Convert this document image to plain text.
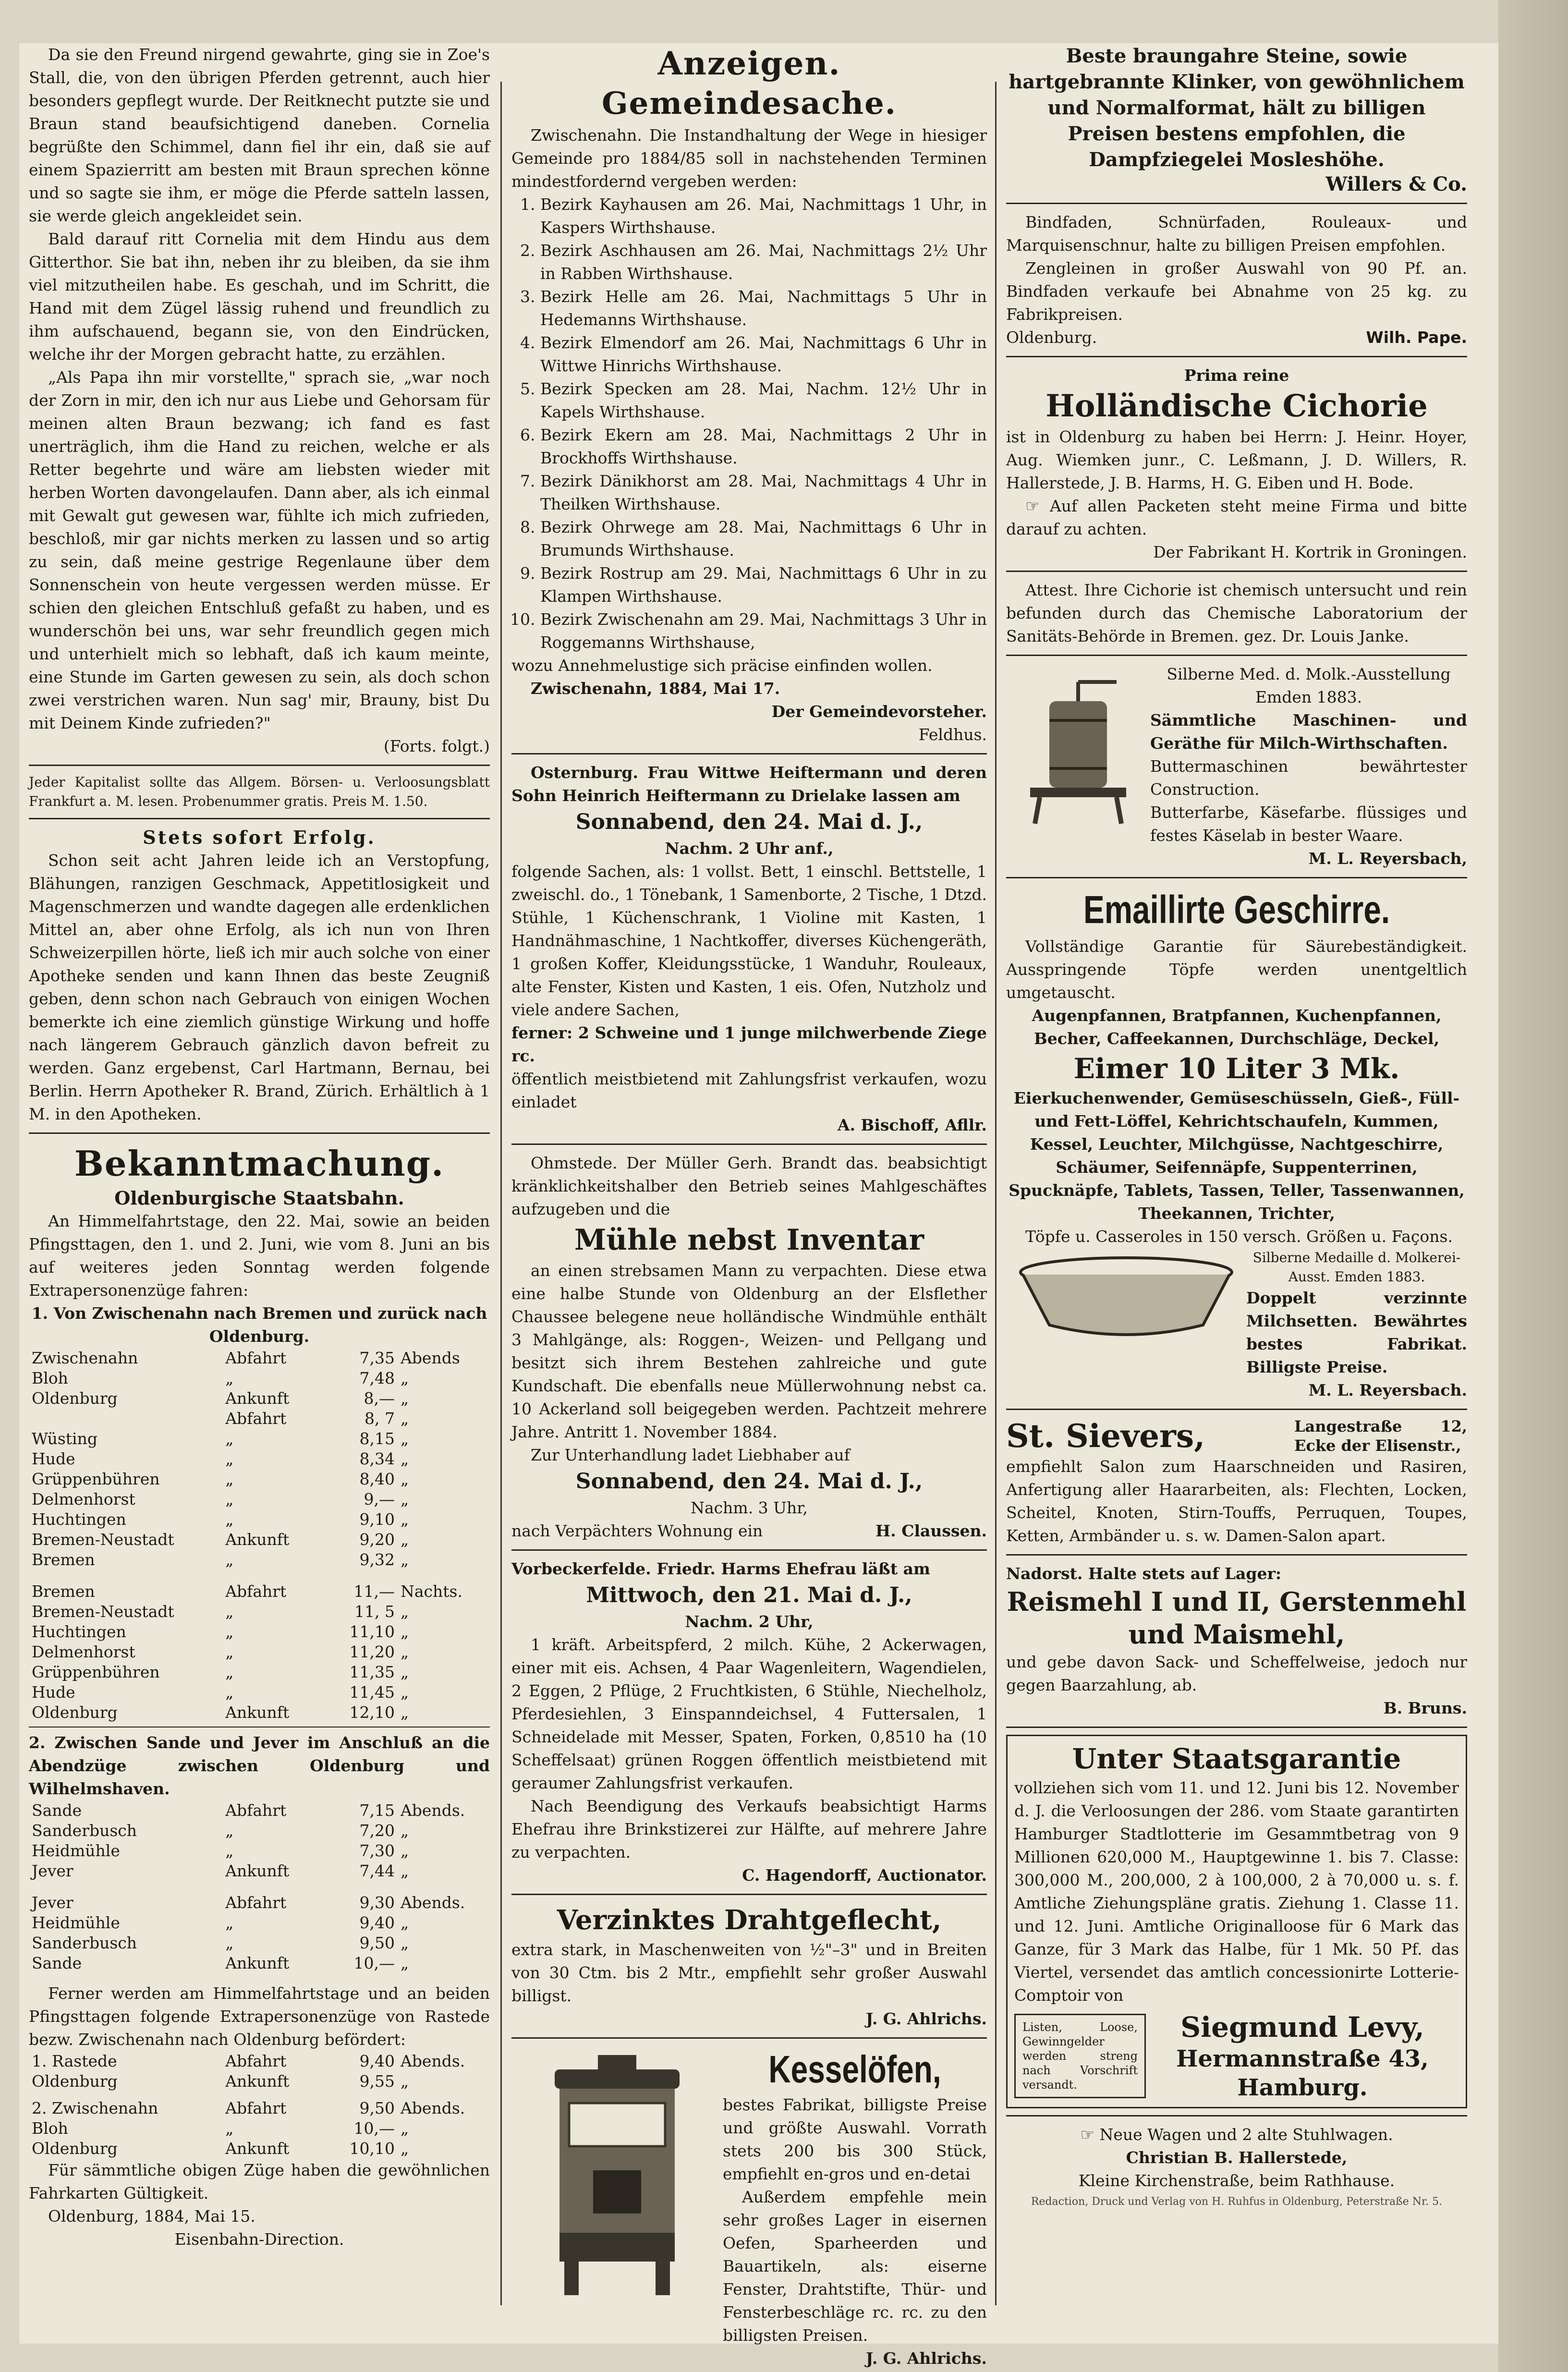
Da sie den Freund nirgend gewahrte, ging sie in Zoe's Stall, die, von den übrigen Pferden getrennt, auch hier besonders gepflegt wurde. Der Reitknecht putzte sie und Braun stand beaufsichtigend daneben. Cornelia begrüßte den Schimmel, dann fiel ihr ein, daß sie auf einem Spazierritt am besten mit Braun sprechen könne und so sagte sie ihm, er möge die Pferde satteln lassen, sie werde gleich angekleidet sein.

Bald darauf ritt Cornelia mit dem Hindu aus dem Gitterthor. Sie bat ihn, neben ihr zu bleiben, da sie ihm viel mitzutheilen habe. Es geschah, und im Schritt, die Hand mit dem Zügel lässig ruhend und freundlich zu ihm aufschauend, begann sie, von den Eindrücken, welche ihr der Morgen gebracht hatte, zu erzählen.

„Als Papa ihn mir vorstellte," sprach sie, „war noch der Zorn in mir, den ich nur aus Liebe und Gehorsam für meinen alten Braun bezwang; ich fand es fast unerträglich, ihm die Hand zu reichen, welche er als Retter begehrte und wäre am liebsten wieder mit herben Worten davongelaufen. Dann aber, als ich einmal mit Gewalt gut gewesen war, fühlte ich mich zufrieden, beschloß, mir gar nichts merken zu lassen und so artig zu sein, daß meine gestrige Regenlaune über dem Sonnenschein von heute vergessen werden müsse. Er schien den gleichen Entschluß gefaßt zu haben, und es wunderschön bei uns, war sehr freundlich gegen mich und unterhielt mich so lebhaft, daß ich kaum meinte, eine Stunde im Garten gewesen zu sein, als doch schon zwei verstrichen waren. Nun sag' mir, Brauny, bist Du mit Deinem Kinde zufrieden?"

(Forts. folgt.)

Jeder Kapitalist sollte das Allgem. Börsen- u. Verloosungsblatt Frankfurt a. M. lesen. Probenummer gratis. Preis M. 1.50.

Stets sofort Erfolg.

Schon seit acht Jahren leide ich an Verstopfung, Blähungen, ranzigen Geschmack, Appetitlosigkeit und Magenschmerzen und wandte dagegen alle erdenklichen Mittel an, aber ohne Erfolg, als ich nun von Ihren Schweizerpillen hörte, ließ ich mir auch solche von einer Apotheke senden und kann Ihnen das beste Zeugniß geben, denn schon nach Gebrauch von einigen Wochen bemerkte ich eine ziemlich günstige Wirkung und hoffe nach längerem Gebrauch gänzlich davon befreit zu werden. Ganz ergebenst, Carl Hartmann, Bernau, bei Berlin. Herrn Apotheker R. Brand, Zürich. Erhältlich à 1 M. in den Apotheken.

Bekanntmachung.

Oldenburgische Staatsbahn.

An Himmelfahrtstage, den 22. Mai, sowie an beiden Pfingsttagen, den 1. und 2. Juni, wie vom 8. Juni an bis auf weiteres jeden Sonntag werden folgende Extrapersonenzüge fahren:

1. Von Zwischenahn nach Bremen und zurück nach Oldenburg.

Zwischenahn	Abfahrt	7,35	Abends
Bloh	„	7,48	„
Oldenburg	Ankunft	8,—	„
	Abfahrt	8, 7	„
Wüsting	„	8,15	„
Hude	„	8,34	„
Grüppenbühren	„	8,40	„
Delmenhorst	„	9,—	„
Huchtingen	„	9,10	„
Bremen-Neustadt	Ankunft	9,20	„
Bremen	„	9,32	„
Bremen	Abfahrt	11,—	Nachts.
Bremen-Neustadt	„	11, 5	„
Huchtingen	„	11,10	„
Delmenhorst	„	11,20	„
Grüppenbühren	„	11,35	„
Hude	„	11,45	„
Oldenburg	Ankunft	12,10	„

2. Zwischen Sande und Jever im Anschluß an die Abendzüge zwischen Oldenburg und Wilhelmshaven.

Sande	Abfahrt	7,15	Abends.
Sanderbusch	„	7,20	„
Heidmühle	„	7,30	„
Jever	Ankunft	7,44	„
Jever	Abfahrt	9,30	Abends.
Heidmühle	„	9,40	„
Sanderbusch	„	9,50	„
Sande	Ankunft	10,—	„

Ferner werden am Himmelfahrtstage und an beiden Pfingsttagen folgende Extrapersonenzüge von Rastede bezw. Zwischenahn nach Oldenburg befördert:

1. Rastede	Abfahrt	9,40	Abends.
Oldenburg	Ankunft	9,55	„
2. Zwischenahn	Abfahrt	9,50	Abends.
Bloh	„	10,—	„
Oldenburg	Ankunft	10,10	„

Für sämmtliche obigen Züge haben die gewöhnlichen Fahrkarten Gültigkeit.

Oldenburg, 1884, Mai 15.

Eisenbahn-Direction.

Anzeigen.

Gemeindesache.

Zwischenahn. Die Instandhaltung der Wege in hiesiger Gemeinde pro 1884/85 soll in nachstehenden Terminen mindestfordernd vergeben werden:

1. Bezirk Kayhausen am 26. Mai, Nachmittags 1 Uhr, in Kaspers Wirthshause.
2. Bezirk Aschhausen am 26. Mai, Nachmittags 2½ Uhr in Rabben Wirthshause.
3. Bezirk Helle am 26. Mai, Nachmittags 5 Uhr in Hedemanns Wirthshause.
4. Bezirk Elmendorf am 26. Mai, Nachmittags 6 Uhr in Wittwe Hinrichs Wirthshause.
5. Bezirk Specken am 28. Mai, Nachm. 12½ Uhr in Kapels Wirthshause.
6. Bezirk Ekern am 28. Mai, Nachmittags 2 Uhr in Brockhoffs Wirthshause.
7. Bezirk Dänikhorst am 28. Mai, Nachmittags 4 Uhr in Theilken Wirthshause.
8. Bezirk Ohrwege am 28. Mai, Nachmittags 6 Uhr in Brumunds Wirthshause.
9. Bezirk Rostrup am 29. Mai, Nachmittags 6 Uhr in zu Klampen Wirthshause.
10. Bezirk Zwischenahn am 29. Mai, Nachmittags 3 Uhr in Roggemanns Wirthshause,

wozu Annehmelustige sich präcise einfinden wollen.

Zwischenahn, 1884, Mai 17.

Der Gemeindevorsteher.

Feldhus.

Osternburg. Frau Wittwe Heiftermann und deren Sohn Heinrich Heiftermann zu Drielake lassen am

Sonnabend, den 24. Mai d. J.,

Nachm. 2 Uhr anf.,

folgende Sachen, als: 1 vollst. Bett, 1 einschl. Bettstelle, 1 zweischl. do., 1 Tönebank, 1 Samenborte, 2 Tische, 1 Dtzd. Stühle, 1 Küchenschrank, 1 Violine mit Kasten, 1 Handnähmaschine, 1 Nachtkoffer, diverses Küchengeräth, 1 großen Koffer, Kleidungsstücke, 1 Wanduhr, Rouleaux, alte Fenster, Kisten und Kasten, 1 eis. Ofen, Nutzholz und viele andere Sachen,

ferner: 2 Schweine und 1 junge milchwerbende Ziege rc.

öffentlich meistbietend mit Zahlungsfrist verkaufen, wozu einladet

A. Bischoff, Afllr.

Ohmstede. Der Müller Gerh. Brandt das. beabsichtigt kränklichkeitshalber den Betrieb seines Mahlgeschäftes aufzugeben und die

Mühle nebst Inventar

an einen strebsamen Mann zu verpachten. Diese etwa eine halbe Stunde von Oldenburg an der Elsflether Chaussee belegene neue holländische Windmühle enthält 3 Mahlgänge, als: Roggen-, Weizen- und Pellgang und besitzt sich ihrem Bestehen zahlreiche und gute Kundschaft. Die ebenfalls neue Müllerwohnung nebst ca. 10 Ackerland soll beigegeben werden. Pachtzeit mehrere Jahre. Antritt 1. November 1884.

Zur Unterhandlung ladet Liebhaber auf

Sonnabend, den 24. Mai d. J.,

Nachm. 3 Uhr,

nach Verpächters Wohnung ein	H. Claussen.

Vorbeckerfelde. Friedr. Harms Ehefrau läßt am

Mittwoch, den 21. Mai d. J.,

Nachm. 2 Uhr,

1 kräft. Arbeitspferd, 2 milch. Kühe, 2 Ackerwagen, einer mit eis. Achsen, 4 Paar Wagenleitern, Wagendielen, 2 Eggen, 2 Pflüge, 2 Fruchtkisten, 6 Stühle, Niechelholz, Pferdesiehlen, 3 Einspanndeichsel, 4 Futtersalen, 1 Schneidelade mit Messer, Spaten, Forken, 0,8510 ha (10 Scheffelsaat) grünen Roggen öffentlich meistbietend mit geraumer Zahlungsfrist verkaufen.

Nach Beendigung des Verkaufs beabsichtigt Harms Ehefrau ihre Brinkstizerei zur Hälfte, auf mehrere Jahre zu verpachten.

C. Hagendorff, Auctionator.

Verzinktes Drahtgeflecht,

extra stark, in Maschenweiten von ½"–3" und in Breiten von 30 Ctm. bis 2 Mtr., empfiehlt sehr großer Auswahl billigst.

J. G. Ahlrichs.

Kesselöfen,

bestes Fabrikat, billigste Preise und größte Auswahl. Vorrath stets 200 bis 300 Stück, empfiehlt en-gros und en-detai

Außerdem empfehle mein sehr großes Lager in eisernen Oefen, Sparheerden und Bauartikeln, als: eiserne Fenster, Drahtstifte, Thür- und Fensterbeschläge rc. rc. zu den billigsten Preisen.

J. G. Ahlrichs.

Beste braungahre Steine, sowie hartgebrannte Klinker, von gewöhnlichem und Normalformat, hält zu billigen Preisen bestens empfohlen, die Dampfziegelei Mosleshöhe.

Willers & Co.

Bindfaden, Schnürfaden, Rouleaux- und Marquisenschnur, halte zu billigen Preisen empfohlen.

Zengleinen in großer Auswahl von 90 Pf. an. Bindfaden verkaufe bei Abnahme von 25 kg. zu Fabrikpreisen.

Oldenburg.	Wilh. Pape.

Prima reine

Holländische Cichorie

ist in Oldenburg zu haben bei Herrn: J. Heinr. Hoyer, Aug. Wiemken junr., C. Leßmann, J. D. Willers, R. Hallerstede, J. B. Harms, H. G. Eiben und H. Bode.

☞ Auf allen Packeten steht meine Firma und bitte darauf zu achten.

Der Fabrikant H. Kortrik in Groningen.

Attest. Ihre Cichorie ist chemisch untersucht und rein befunden durch das Chemische Laboratorium der Sanitäts-Behörde in Bremen. gez. Dr. Louis Janke.

Silberne Med. d. Molk.-Ausstellung Emden 1883.

Sämmtliche Maschinen- und Geräthe für Milch-Wirthschaften.

Buttermaschinen bewährtester Construction.

Butterfarbe, Käsefarbe. flüssiges und festes Käselab in bester Waare.

M. L. Reyersbach,

Emaillirte Geschirre.

Vollständige Garantie für Säurebeständigkeit. Ausspringende Töpfe werden unentgeltlich umgetauscht.

Augenpfannen, Bratpfannen, Kuchenpfannen, Becher, Caffeekannen, Durchschläge, Deckel,

Eimer 10 Liter 3 Mk.

Eierkuchenwender, Gemüseschüsseln, Gieß-, Füll- und Fett-Löffel, Kehrichtschaufeln, Kummen, Kessel, Leuchter, Milchgüsse, Nachtgeschirre, Schäumer, Seifennäpfe, Suppenterrinen, Spucknäpfe, Tablets, Tassen, Teller, Tassenwannen, Theekannen, Trichter,

Töpfe u. Casseroles in 150 versch. Größen u. Façons.

Silberne Medaille d. Molkerei-Ausst. Emden 1883.

Doppelt verzinnte Milchsetten. Bewährtes bestes Fabrikat. Billigste Preise.

M. L. Reyersbach.

St. Sievers,	Langestraße 12, Ecke der Elisenstr.,

empfiehlt Salon zum Haarschneiden und Rasiren, Anfertigung aller Haararbeiten, als: Flechten, Locken, Scheitel, Knoten, Stirn-Touffs, Perruquen, Toupes, Ketten, Armbänder u. s. w. Damen-Salon apart.

Nadorst. Halte stets auf Lager:

Reismehl I und II, Gerstenmehl und Maismehl,

und gebe davon Sack- und Scheffelweise, jedoch nur gegen Baarzahlung, ab.

B. Bruns.

Unter Staatsgarantie

vollziehen sich vom 11. und 12. Juni bis 12. November d. J. die Verloosungen der 286. vom Staate garantirten Hamburger Stadtlotterie im Gesammtbetrag von 9 Millionen 620,000 M., Hauptgewinne 1. bis 7. Classe: 300,000 M., 200,000, 2 à 100,000, 2 à 70,000 u. s. f. Amtliche Ziehungspläne gratis. Ziehung 1. Classe 11. und 12. Juni. Amtliche Originalloose für 6 Mark das Ganze, für 3 Mark das Halbe, für 1 Mk. 50 Pf. das Viertel, versendet das amtlich concessionirte Lotterie-Comptoir von

Listen, Loose, Gewinngelder werden streng nach Vorschrift versandt.

Siegmund Levy,

Hermannstraße 43,

Hamburg.

☞ Neue Wagen und 2 alte Stuhlwagen.

Christian B. Hallerstede,

Kleine Kirchenstraße, beim Rathhause.

Redaction, Druck und Verlag von H. Ruhfus in Oldenburg, Peterstraße Nr. 5.
